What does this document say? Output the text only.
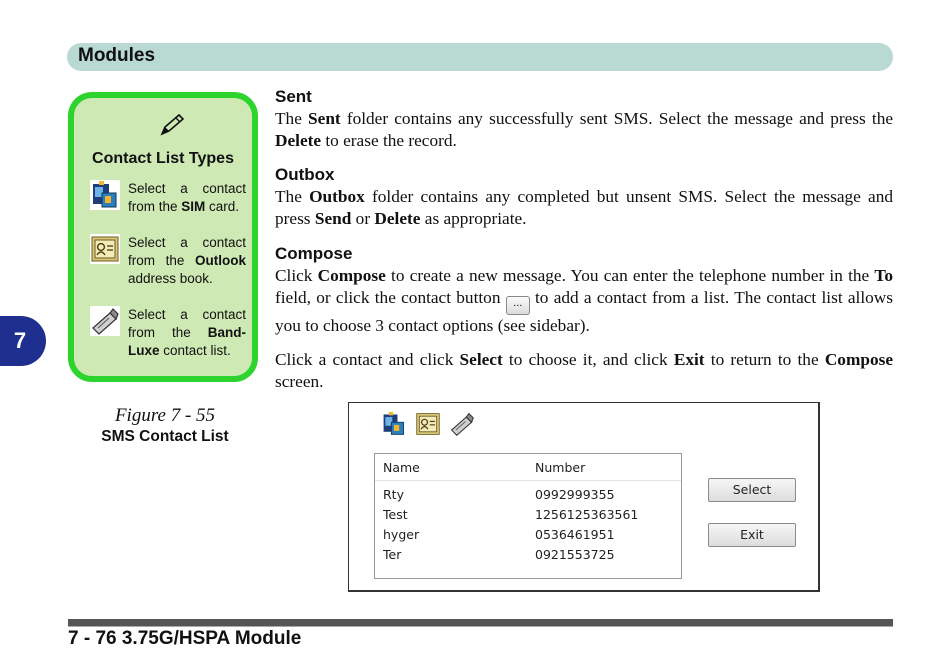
Modules
7
Contact List Types
Select a contact from the SIM card.
Select a contact from the Outlook address book.
Select a contact from the Band-Luxe contact list.
Figure 7 - 55
SMS Contact List

Sent

The Sent folder contains any successfully sent SMS. Select the message and press the Delete to erase the record.

Outbox

The Outbox folder contains any completed but unsent SMS. Select the message and press Send or Delete as appropriate.

Compose

Click Compose to create a new message. You can enter the telephone number in the To field, or click the contact button ... to add a contact from a list. The contact list allows you to choose 3 contact options (see sidebar).

Click a contact and click Select to choose it, and click Exit to return to the Compose screen.

Name	Number
Rty	0992999355
Test	1256125363561
hyger	0536461951
Ter	0921553725
Select
Exit
7 - 76 3.75G/HSPA Module
